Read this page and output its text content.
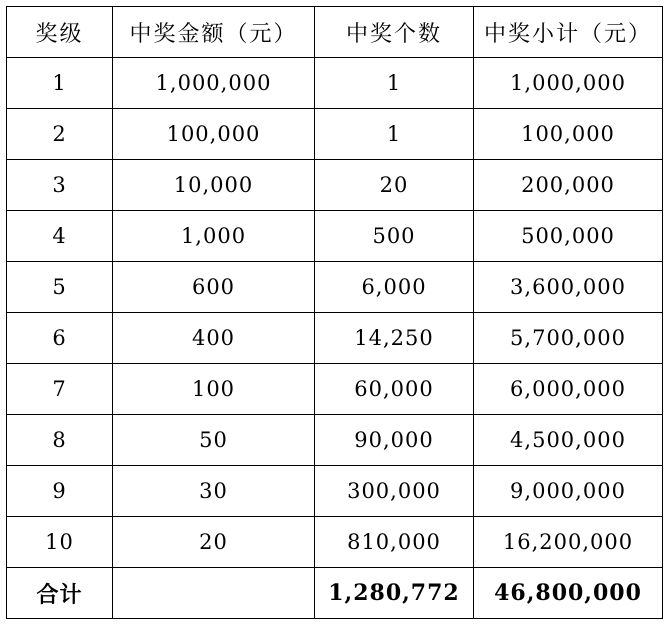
奖级	中奖金额（元）	中奖个数	中奖小计（元）
1	1,000,000	1	1,000,000
2	100,000	1	100,000
3	10,000	20	200,000
4	1,000	500	500,000
5	600	6,000	3,600,000
6	400	14,250	5,700,000
7	100	60,000	6,000,000
8	50	90,000	4,500,000
9	30	300,000	9,000,000
10	20	810,000	16,200,000
合计		1,280,772	46,800,000
